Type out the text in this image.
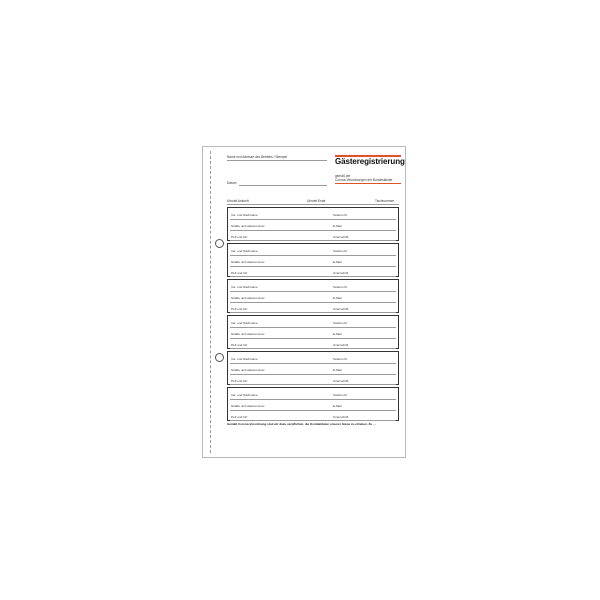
Name und Adresse des Betriebs / Stempel
Datum
Gästeregistrierung
gemäß der
Corona-Verordnungen der Bundesländer
Uhrzeit Ankunft	Uhrzeit Ende	Tischnummer
Vor- und Nachname	Telefon-Nr.
Straße und Hausnummer	E-Mail
PLZ und Ort	Unterschrift
Vor- und Nachname	Telefon-Nr.
Straße und Hausnummer	E-Mail
PLZ und Ort	Unterschrift
Vor- und Nachname	Telefon-Nr.
Straße und Hausnummer	E-Mail
PLZ und Ort	Unterschrift
Vor- und Nachname	Telefon-Nr.
Straße und Hausnummer	E-Mail
PLZ und Ort	Unterschrift
Vor- und Nachname	Telefon-Nr.
Straße und Hausnummer	E-Mail
PLZ und Ort	Unterschrift
Vor- und Nachname	Telefon-Nr.
Straße und Hausnummer	E-Mail
PLZ und Ort	Unterschrift
Gemäß Corona-Verordnung sind wir dazu verpflichtet, die Kontaktdaten unserer Gäste zu erheben. Zu ...
